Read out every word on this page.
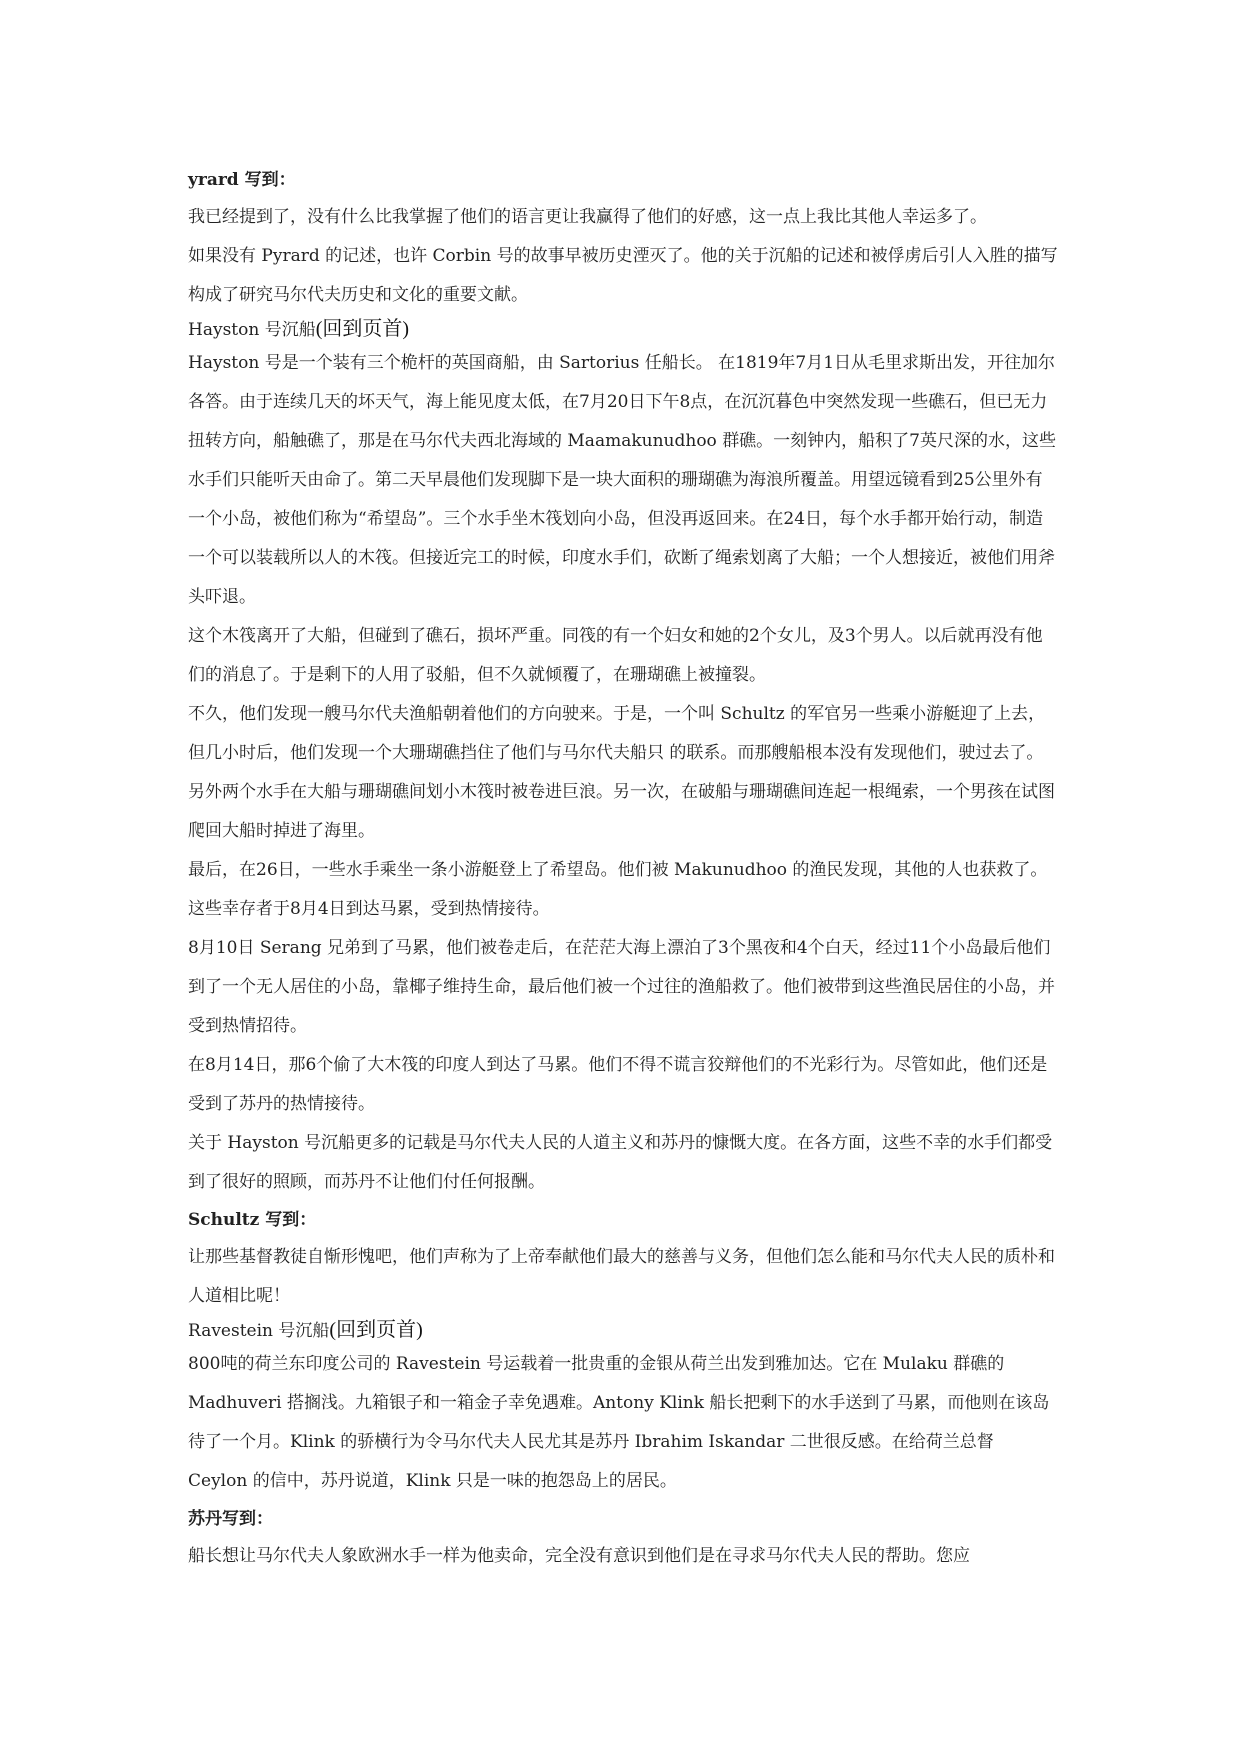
yrard 写到：

我已经提到了，没有什么比我掌握了他们的语言更让我赢得了他们的好感，这一点上我比其他人幸运多了。

如果没有 Pyrard 的记述，也许 Corbin 号的故事早被历史湮灭了。他的关于沉船的记述和被俘虏后引人入胜的描写构成了研究马尔代夫历史和文化的重要文献。

Hayston 号沉船(回到页首)

Hayston 号是一个装有三个桅杆的英国商船，由 Sartorius 任船长。 在1819年7月1日从毛里求斯出发，开往加尔各答。由于连续几天的坏天气，海上能见度太低，在7月20日下午8点，在沉沉暮色中突然发现一些礁石，但已无力扭转方向，船触礁了，那是在马尔代夫西北海域的 Maamakunudhoo 群礁。一刻钟内，船积了7英尺深的水，这些水手们只能听天由命了。第二天早晨他们发现脚下是一块大面积的珊瑚礁为海浪所覆盖。用望远镜看到25公里外有一个小岛，被他们称为“希望岛”。三个水手坐木筏划向小岛，但没再返回来。在24日，每个水手都开始行动，制造一个可以装载所以人的木筏。但接近完工的时候，印度水手们，砍断了绳索划离了大船；一个人想接近，被他们用斧头吓退。

这个木筏离开了大船，但碰到了礁石，损坏严重。同筏的有一个妇女和她的2个女儿，及3个男人。以后就再没有他们的消息了。于是剩下的人用了驳船，但不久就倾覆了，在珊瑚礁上被撞裂。

不久，他们发现一艘马尔代夫渔船朝着他们的方向驶来。于是，一个叫 Schultz 的军官另一些乘小游艇迎了上去，但几小时后，他们发现一个大珊瑚礁挡住了他们与马尔代夫船只 的联系。而那艘船根本没有发现他们，驶过去了。另外两个水手在大船与珊瑚礁间划小木筏时被卷进巨浪。另一次，在破船与珊瑚礁间连起一根绳索，一个男孩在试图爬回大船时掉进了海里。

最后，在26日，一些水手乘坐一条小游艇登上了希望岛。他们被 Makunudhoo 的渔民发现，其他的人也获救了。这些幸存者于8月4日到达马累，受到热情接待。

8月10日 Serang 兄弟到了马累，他们被卷走后，在茫茫大海上漂泊了3个黑夜和4个白天，经过11个小岛最后他们到了一个无人居住的小岛，靠椰子维持生命，最后他们被一个过往的渔船救了。他们被带到这些渔民居住的小岛，并受到热情招待。

在8月14日，那6个偷了大木筏的印度人到达了马累。他们不得不谎言狡辩他们的不光彩行为。尽管如此，他们还是受到了苏丹的热情接待。

关于 Hayston 号沉船更多的记载是马尔代夫人民的人道主义和苏丹的慷慨大度。在各方面，这些不幸的水手们都受到了很好的照顾，而苏丹不让他们付任何报酬。

Schultz 写到：

让那些基督教徒自惭形愧吧，他们声称为了上帝奉献他们最大的慈善与义务，但他们怎么能和马尔代夫人民的质朴和人道相比呢！

Ravestein 号沉船(回到页首)

800吨的荷兰东印度公司的 Ravestein 号运载着一批贵重的金银从荷兰出发到雅加达。它在 Mulaku 群礁的 Madhuveri 搭搁浅。九箱银子和一箱金子幸免遇难。Antony Klink 船长把剩下的水手送到了马累，而他则在该岛待了一个月。Klink 的骄横行为令马尔代夫人民尤其是苏丹 Ibrahim Iskandar 二世很反感。在给荷兰总督 Ceylon 的信中，苏丹说道，Klink 只是一味的抱怨岛上的居民。

苏丹写到：

船长想让马尔代夫人象欧洲水手一样为他卖命，完全没有意识到他们是在寻求马尔代夫人民的帮助。您应
